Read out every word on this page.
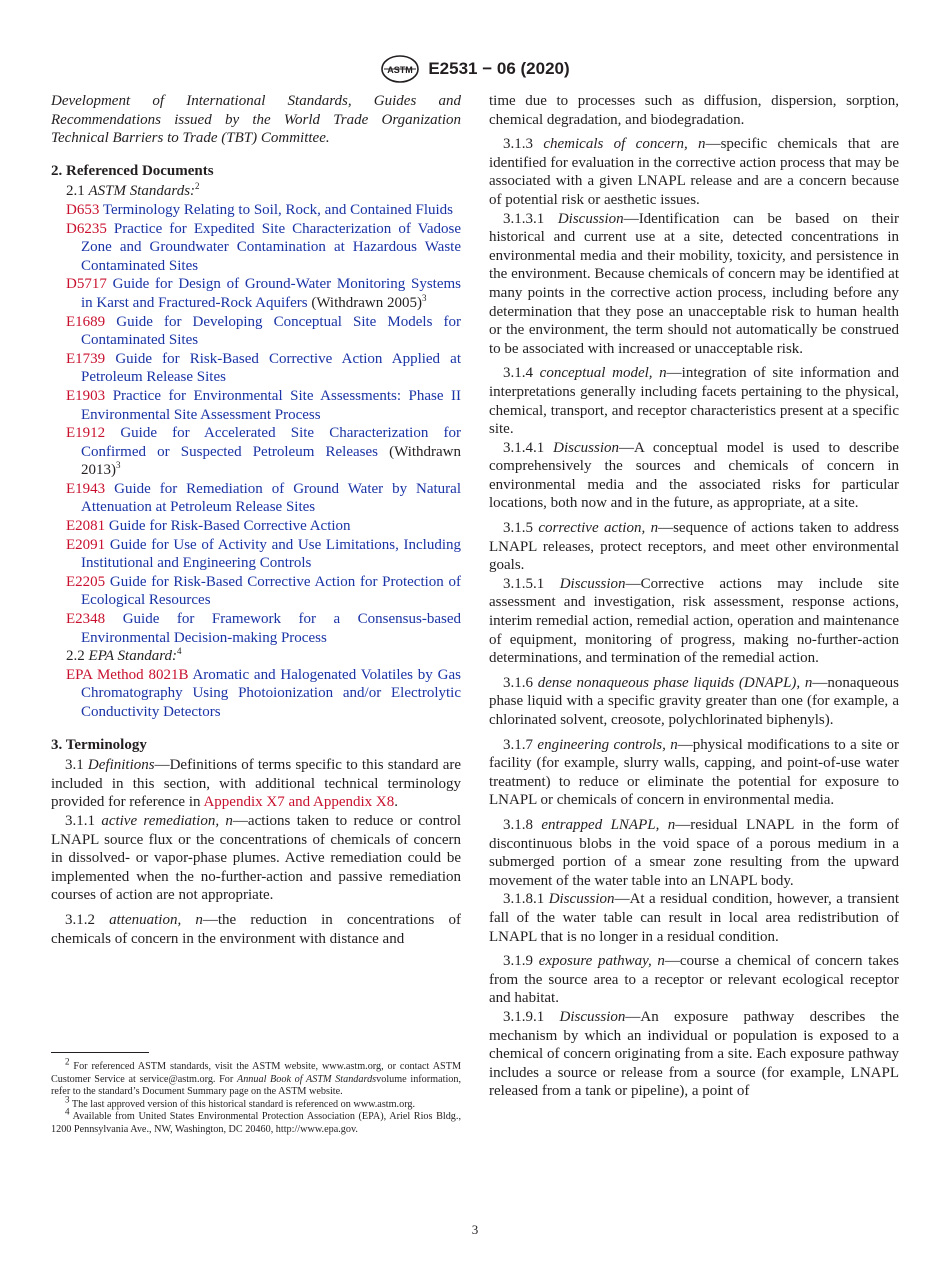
ASTM E2531 − 06 (2020)

Development of International Standards, Guides and Recommendations issued by the World Trade Organization Technical Barriers to Trade (TBT) Committee.

2. Referenced Documents

2.1 ASTM Standards:$^2$

D653 Terminology Relating to Soil, Rock, and Contained Fluids

D6235 Practice for Expedited Site Characterization of Vadose Zone and Groundwater Contamination at Hazardous Waste Contaminated Sites

D5717 Guide for Design of Ground-Water Monitoring Systems in Karst and Fractured-Rock Aquifers (Withdrawn 2005)$^3$

E1689 Guide for Developing Conceptual Site Models for Contaminated Sites

E1739 Guide for Risk-Based Corrective Action Applied at Petroleum Release Sites

E1903 Practice for Environmental Site Assessments: Phase II Environmental Site Assessment Process

E1912 Guide for Accelerated Site Characterization for Confirmed or Suspected Petroleum Releases (Withdrawn 2013)$^3$

E1943 Guide for Remediation of Ground Water by Natural Attenuation at Petroleum Release Sites

E2081 Guide for Risk-Based Corrective Action

E2091 Guide for Use of Activity and Use Limitations, Including Institutional and Engineering Controls

E2205 Guide for Risk-Based Corrective Action for Protection of Ecological Resources

E2348 Guide for Framework for a Consensus-based Environmental Decision-making Process

2.2 EPA Standard:$^4$

EPA Method 8021B Aromatic and Halogenated Volatiles by Gas Chromatography Using Photoionization and/or Electrolytic Conductivity Detectors

3. Terminology

3.1 Definitions—Definitions of terms specific to this standard are included in this section, with additional technical terminology provided for reference in Appendix X7 and Appendix X8.

3.1.1 active remediation, n—actions taken to reduce or control LNAPL source flux or the concentrations of chemicals of concern in dissolved- or vapor-phase plumes. Active remediation could be implemented when the no-further-action and passive remediation courses of action are not appropriate.

3.1.2 attenuation, n—the reduction in concentrations of chemicals of concern in the environment with distance and

$^2$ For referenced ASTM standards, visit the ASTM website, www.astm.org, or contact ASTM Customer Service at service@astm.org. For Annual Book of ASTM Standardsvolume information, refer to the standard’s Document Summary page on the ASTM website.

$^3$ The last approved version of this historical standard is referenced on www.astm.org.

$^4$ Available from United States Environmental Protection Association (EPA), Ariel Rios Bldg., 1200 Pennsylvania Ave., NW, Washington, DC 20460, http://www.epa.gov.

time due to processes such as diffusion, dispersion, sorption, chemical degradation, and biodegradation.

3.1.3 chemicals of concern, n—specific chemicals that are identified for evaluation in the corrective action process that may be associated with a given LNAPL release and are a concern because of potential risk or aesthetic issues.

3.1.3.1 Discussion—Identification can be based on their historical and current use at a site, detected concentrations in environmental media and their mobility, toxicity, and persistence in the environment. Because chemicals of concern may be identified at many points in the corrective action process, including before any determination that they pose an unacceptable risk to human health or the environment, the term should not automatically be construed to be associated with increased or unacceptable risk.

3.1.4 conceptual model, n—integration of site information and interpretations generally including facets pertaining to the physical, chemical, transport, and receptor characteristics present at a specific site.

3.1.4.1 Discussion—A conceptual model is used to describe comprehensively the sources and chemicals of concern in environmental media and the associated risks for particular locations, both now and in the future, as appropriate, at a site.

3.1.5 corrective action, n—sequence of actions taken to address LNAPL releases, protect receptors, and meet other environmental goals.

3.1.5.1 Discussion—Corrective actions may include site assessment and investigation, risk assessment, response actions, interim remedial action, remedial action, operation and maintenance of equipment, monitoring of progress, making no-further-action determinations, and termination of the remedial action.

3.1.6 dense nonaqueous phase liquids (DNAPL), n—nonaqueous phase liquid with a specific gravity greater than one (for example, a chlorinated solvent, creosote, polychlorinated biphenyls).

3.1.7 engineering controls, n—physical modifications to a site or facility (for example, slurry walls, capping, and point-of-use water treatment) to reduce or eliminate the potential for exposure to LNAPL or chemicals of concern in environmental media.

3.1.8 entrapped LNAPL, n—residual LNAPL in the form of discontinuous blobs in the void space of a porous medium in a submerged portion of a smear zone resulting from the upward movement of the water table into an LNAPL body.

3.1.8.1 Discussion—At a residual condition, however, a transient fall of the water table can result in local area redistribution of LNAPL that is no longer in a residual condition.

3.1.9 exposure pathway, n—course a chemical of concern takes from the source area to a receptor or relevant ecological receptor and habitat.

3.1.9.1 Discussion—An exposure pathway describes the mechanism by which an individual or population is exposed to a chemical of concern originating from a site. Each exposure pathway includes a source or release from a source (for example, LNAPL released from a tank or pipeline), a point of

3
